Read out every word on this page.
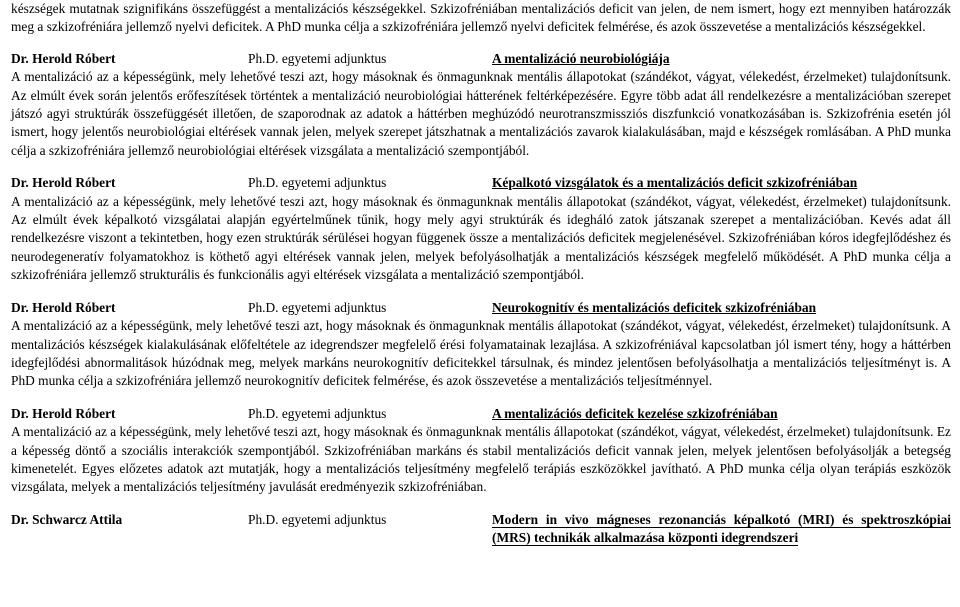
készségek mutatnak szignifikáns összefüggést a mentalizációs készségekkel. Szkizofréniában mentalizációs deficit van jelen, de nem ismert, hogy ezt mennyiben határozzák meg a szkizofréniára jellemző nyelvi deficitek. A PhD munka célja a szkizofréniára jellemző nyelvi deficitek felmérése, és azok összevetése a mentalizációs készségekkel.

Dr. Herold Róbert	Ph.D. egyetemi adjunktus	A mentalizáció neurobiológiája

A mentalizáció az a képességünk, mely lehetővé teszi azt, hogy másoknak és önmagunknak mentális állapotokat (szándékot, vágyat, vélekedést, érzelmeket) tulajdonítsunk. Az elmúlt évek során jelentős erőfeszítések történtek a mentalizáció neurobiológiai hátterének feltérképezésére. Egyre több adat áll rendelkezésre a mentalizációban szerepet játszó agyi struktúrák összefüggését illetően, de szaporodnak az adatok a háttérben meghúzódó neurotranszmissziós diszfunkció vonatkozásában is. Szkizofrénia esetén jól ismert, hogy jelentős neurobiológiai eltérések vannak jelen, melyek szerepet játszhatnak a mentalizációs zavarok kialakulásában, majd e készségek romlásában. A PhD munka célja a szkizofréniára jellemző neurobiológiai eltérések vizsgálata a mentalizáció szempontjából.

Dr. Herold Róbert	Ph.D. egyetemi adjunktus	Képalkotó vizsgálatok és a mentalizációs deficit szkizofréniában

A mentalizáció az a képességünk, mely lehetővé teszi azt, hogy másoknak és önmagunknak mentális állapotokat (szándékot, vágyat, vélekedést, érzelmeket) tulajdonítsunk. Az elmúlt évek képalkotó vizsgálatai alapján egyértelműnek tűnik, hogy mely agyi struktúrák és idegháló zatok játszanak szerepet a mentalizációban. Kevés adat áll rendelkezésre viszont a tekintetben, hogy ezen struktúrák sérülései hogyan függenek össze a mentalizációs deficitek megjelenésével. Szkizofréniában kóros idegfejlődéshez és neurodegeneratív folyamatokhoz is köthető agyi eltérések vannak jelen, melyek befolyásolhatják a mentalizációs készségek megfelelő működését. A PhD munka célja a szkizofréniára jellemző strukturális és funkcionális agyi eltérések vizsgálata a mentalizáció szempontjából.

Dr. Herold Róbert	Ph.D. egyetemi adjunktus	Neurokognitív és mentalizációs deficitek szkizofréniában

A mentalizáció az a képességünk, mely lehetővé teszi azt, hogy másoknak és önmagunknak mentális állapotokat (szándékot, vágyat, vélekedést, érzelmeket) tulajdonítsunk. A mentalizációs készségek kialakulásának előfeltétele az idegrendszer megfelelő érési folyamatainak lezajlása. A szkizofréniával kapcsolatban jól ismert tény, hogy a háttérben idegfejlődési abnormalitások húzódnak meg, melyek markáns neurokognitív deficitekkel társulnak, és mindez jelentősen befolyásolhatja a mentalizációs teljesítményt is. A PhD munka célja a szkizofréniára jellemző neurokognitív deficitek felmérése, és azok összevetése a mentalizációs teljesítménnyel.

Dr. Herold Róbert	Ph.D. egyetemi adjunktus	A mentalizációs deficitek kezelése szkizofréniában

A mentalizáció az a képességünk, mely lehetővé teszi azt, hogy másoknak és önmagunknak mentális állapotokat (szándékot, vágyat, vélekedést, érzelmeket) tulajdonítsunk. Ez a képesség döntő a szociális interakciók szempontjából. Szkizofréniában markáns és stabil mentalizációs deficit vannak jelen, melyek jelentősen befolyásolják a betegség kimenetelét. Egyes előzetes adatok azt mutatják, hogy a mentalizációs teljesítmény megfelelő terápiás eszközökkel javítható. A PhD munka célja olyan terápiás eszközök vizsgálata, melyek a mentalizációs teljesítmény javulását eredményezik szkizofréniában.

Dr. Schwarcz Attila	Ph.D. egyetemi adjunktus	Modern in vivo mágneses rezonanciás képalkotó (MRI) és spektroszkópiai (MRS) technikák alkalmazása központi idegrendszeri
